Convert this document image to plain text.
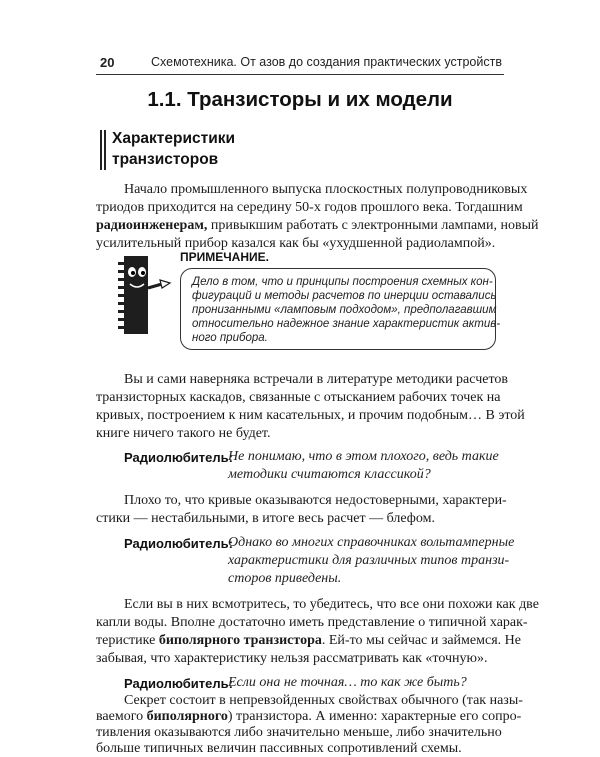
20	Схемотехника. От азов до создания практических устройств
1.1. Транзисторы и их модели
Характеристики
транзисторов
Начало промышленного выпуска плоскостных полупроводниковых
триодов приходится на середину 50-х годов прошлого века. Тогдашним
радиоинженерам, привыкшим работать с электронными лампами, новый
усилительный прибор казался как бы «ухудшенной радиолампой».
ПРИМЕЧАНИЕ.
Дело в том, что и принципы построения схемных кон-
фигураций и методы расчетов по инерции оставались
пронизанными «ламповым подходом», предполагавшим
относительно надежное знание характеристик актив-
ного прибора.
Вы и сами наверняка встречали в литературе методики расчетов
транзисторных каскадов, связанные с отысканием рабочих точек на
кривых, построением к ним касательных, и прочим подобным… В этой
книге ничего такого не будет.
Радиолюбитель:
Не понимаю, что в этом плохого, ведь такие
методики считаются классикой?
Плохо то, что кривые оказываются недостоверными, характери-
стики — нестабильными, в итоге весь расчет — блефом.
Радиолюбитель:
Однако во многих справочниках вольтамперные
характеристики для различных типов транзи-
сторов приведены.
Если вы в них всмотритесь, то убедитесь, что все они похожи как две
капли воды. Вполне достаточно иметь представление о типичной харак-
теристике биполярного транзистора. Ей-то мы сейчас и займемся. Не
забывая, что характеристику нельзя рассматривать как «точную».
Радиолюбитель:
Если она не точная… то как же быть?
Секрет состоит в непревзойденных свойствах обычного (так назы-
ваемого биполярного) транзистора. А именно: характерные его сопро-
тивления оказываются либо значительно меньше, либо значительно
больше типичных величин пассивных сопротивлений схемы.
